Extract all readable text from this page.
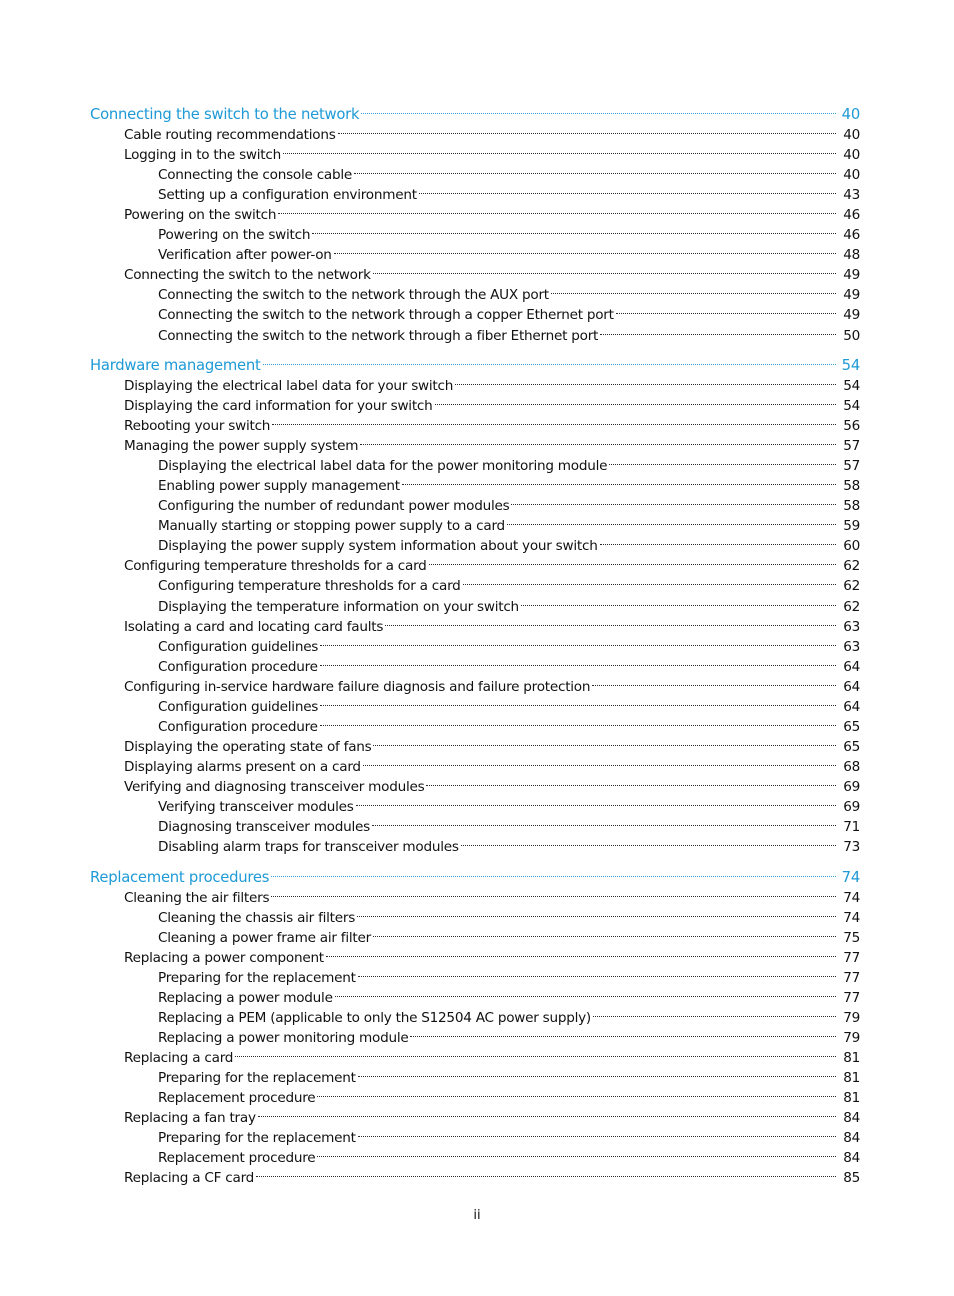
Connecting the switch to the network	40
Cable routing recommendations	40
Logging in to the switch	40
Connecting the console cable	40
Setting up a configuration environment	43
Powering on the switch	46
Powering on the switch	46
Verification after power-on	48
Connecting the switch to the network	49
Connecting the switch to the network through the AUX port	49
Connecting the switch to the network through a copper Ethernet port	49
Connecting the switch to the network through a fiber Ethernet port	50
Hardware management	54
Displaying the electrical label data for your switch	54
Displaying the card information for your switch	54
Rebooting your switch	56
Managing the power supply system	57
Displaying the electrical label data for the power monitoring module	57
Enabling power supply management	58
Configuring the number of redundant power modules	58
Manually starting or stopping power supply to a card	59
Displaying the power supply system information about your switch	60
Configuring temperature thresholds for a card	62
Configuring temperature thresholds for a card	62
Displaying the temperature information on your switch	62
Isolating a card and locating card faults	63
Configuration guidelines	63
Configuration procedure	64
Configuring in-service hardware failure diagnosis and failure protection	64
Configuration guidelines	64
Configuration procedure	65
Displaying the operating state of fans	65
Displaying alarms present on a card	68
Verifying and diagnosing transceiver modules	69
Verifying transceiver modules	69
Diagnosing transceiver modules	71
Disabling alarm traps for transceiver modules	73
Replacement procedures	74
Cleaning the air filters	74
Cleaning the chassis air filters	74
Cleaning a power frame air filter	75
Replacing a power component	77
Preparing for the replacement	77
Replacing a power module	77
Replacing a PEM (applicable to only the S12504 AC power supply)	79
Replacing a power monitoring module	79
Replacing a card	81
Preparing for the replacement	81
Replacement procedure	81
Replacing a fan tray	84
Preparing for the replacement	84
Replacement procedure	84
Replacing a CF card	85
ii
